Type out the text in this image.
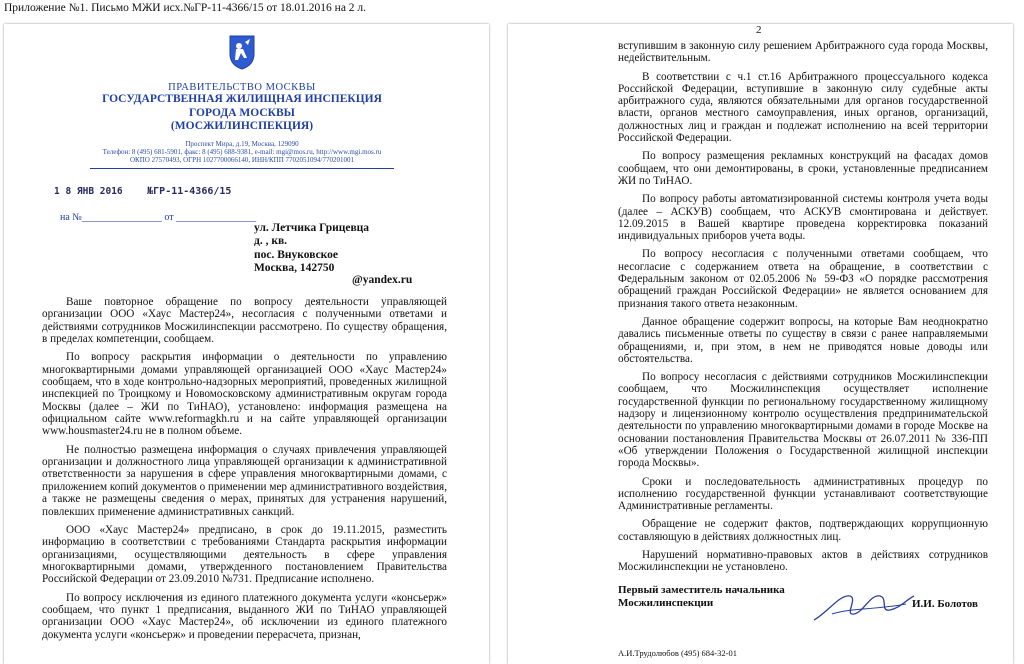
Приложение №1. Письмо МЖИ исх.№ГР-11-4366/15 от 18.01.2016 на 2 л.
ПРАВИТЕЛЬСТВО МОСКВЫ
ГОСУДАРСТВЕННАЯ ЖИЛИЩНАЯ ИНСПЕКЦИЯ
ГОРОДА МОСКВЫ
(МОСЖИЛИНСПЕКЦИЯ)
Проспект Мира, д.19, Москва, 129090
Телефон: 8 (495) 681-5901, факс: 8 (495) 688-9381, e-mail: mgi@mos.ru, http://www.mgi.mos.ru
ОКПО 27570493, ОГРН 1027700066140, ИНН/КПП 7702051094/770201001
1 8 ЯНВ 2016 №ГР-11-4366/15
на №________________ от ________________
ул. Летчика Грицевца
д. , кв.
пос. Внуковское
Москва, 142750
@yandex.ru

Ваше повторное обращение по вопросу деятельности управляющей организации ООО «Хаус Мастер24», несогласия с полученными ответами и действиями сотрудников Мосжилинспекции рассмотрено. По существу обращения, в пределах компетенции, сообщаем.

По вопросу раскрытия информации о деятельности по управлению многоквартирными домами управляющей организацией ООО «Хаус Мастер24» сообщаем, что в ходе контрольно-надзорных мероприятий, проведенных жилищной инспекцией по Троицкому и Новомосковскому административным округам города Москвы (далее – ЖИ по ТиНАО), установлено: информация размещена на официальном сайте www.reformagkh.ru и на сайте управляющей организации www.housmaster24.ru не в полном объеме.

Не полностью размещена информация о случаях привлечения управляющей организации и должностного лица управляющей организации к административной ответственности за нарушения в сфере управления многоквартирными домами, с приложением копий документов о применении мер административного воздействия, а также не размещены сведения о мерах, принятых для устранения нарушений, повлекших применение административных санкций.

ООО «Хаус Мастер24» предписано, в срок до 19.11.2015, разместить информацию в соответствии с требованиями Стандарта раскрытия информации организациями, осуществляющими деятельность в сфере управления многоквартирными домами, утвержденного постановлением Правительства Российской Федерации от 23.09.2010 №731. Предписание исполнено.

По вопросу исключения из единого платежного документа услуги «консьерж» сообщаем, что пункт 1 предписания, выданного ЖИ по ТиНАО управляющей организации ООО «Хаус Мастер24», об исключении из единого платежного документа услуги «консьерж» и проведении перерасчета, признан,

2

вступившим в законную силу решением Арбитражного суда города Москвы, недействительным.

В соответствии с ч.1 ст.16 Арбитражного процессуального кодекса Российской Федерации, вступившие в законную силу судебные акты арбитражного суда, являются обязательными для органов государственной власти, органов местного самоуправления, иных органов, организаций, должностных лиц и граждан и подлежат исполнению на всей территории Российской Федерации.

По вопросу размещения рекламных конструкций на фасадах домов сообщаем, что они демонтированы, в сроки, установленные предписанием ЖИ по ТиНАО.

По вопросу работы автоматизированной системы контроля учета воды (далее – АСКУВ) сообщаем, что АСКУВ смонтирована и действует. 12.09.2015 в Вашей квартире проведена корректировка показаний индивидуальных приборов учета воды.

По вопросу несогласия с полученными ответами сообщаем, что несогласие с содержанием ответа на обращение, в соответствии с Федеральным законом от 02.05.2006 № 59-ФЗ «О порядке рассмотрения обращений граждан Российской Федерации» не является основанием для признания такого ответа незаконным.

Данное обращение содержит вопросы, на которые Вам неоднократно давались письменные ответы по существу в связи с ранее направляемыми обращениями, и, при этом, в нем не приводятся новые доводы или обстоятельства.

По вопросу несогласия с действиями сотрудников Мосжилинспекции сообщаем, что Мосжилинспекция осуществляет исполнение государственной функции по региональному государственному жилищному надзору и лицензионному контролю осуществления предпринимательской деятельности по управлению многоквартирными домами в городе Москве на основании постановления Правительства Москвы от 26.07.2011 № 336-ПП «Об утверждении Положения о Государственной жилищной инспекции города Москвы».

Сроки и последовательность административных процедур по исполнению государственной функции устанавливают соответствующие Административные регламенты.

Обращение не содержит фактов, подтверждающих коррупционную составляющую в действиях должностных лиц.

Нарушений нормативно-правовых актов в действиях сотрудников Мосжилинспекции не установлено.

Первый заместитель начальника
Мосжилинспекции	И.И. Болотов
А.И.Трудолюбов (495) 684-32-01
